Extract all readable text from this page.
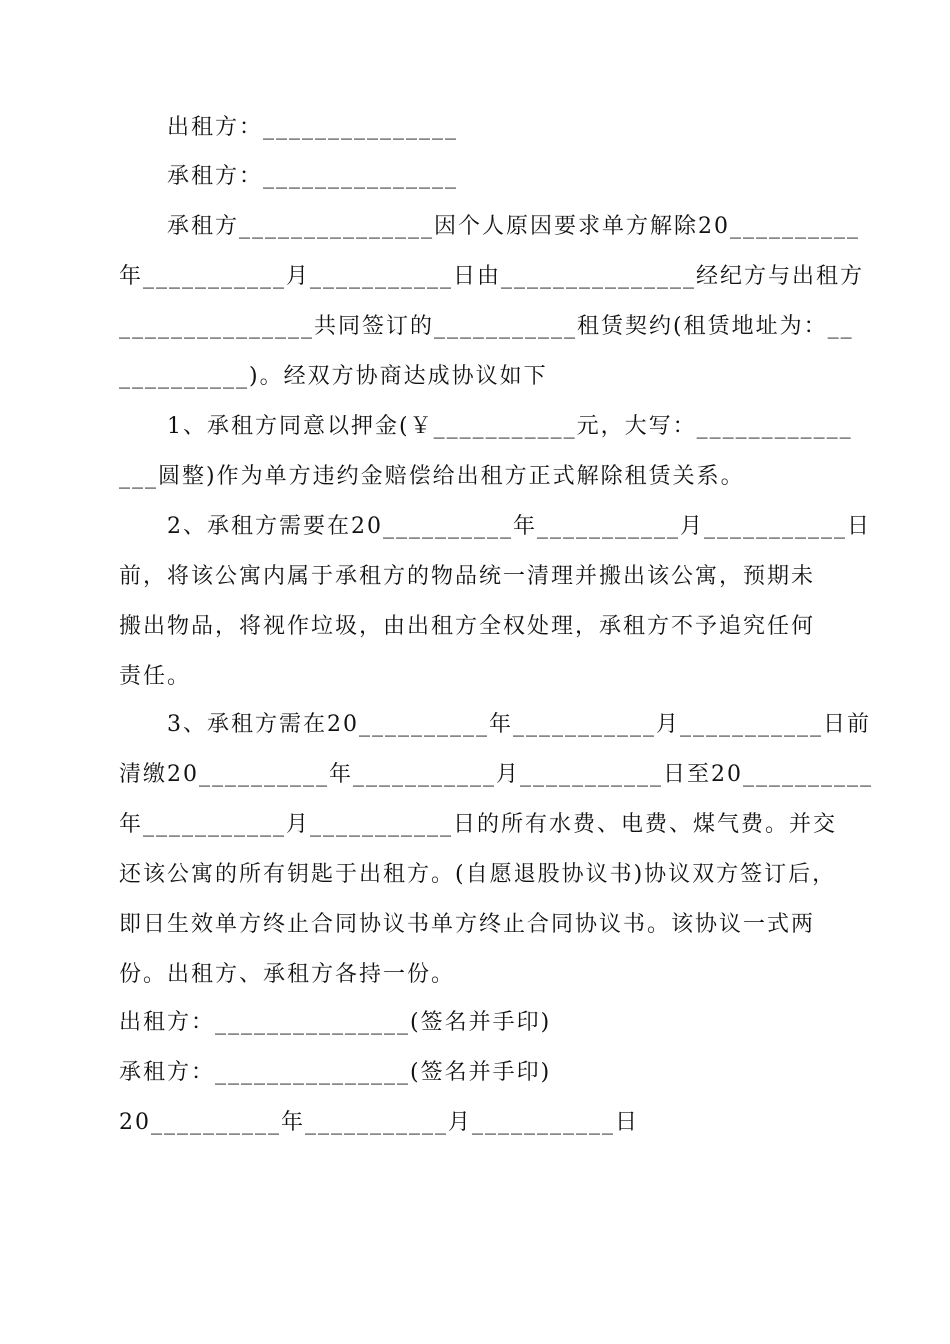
出租方：_______________
承租方：_______________
承租方_______________因个人原因要求单方解除20__________
年___________月___________日由_______________经纪方与出租方
_______________共同签订的___________租赁契约(租赁地址为：__
__________)。经双方协商达成协议如下
1、承租方同意以押金(￥___________元，大写：____________
___圆整)作为单方违约金赔偿给出租方正式解除租赁关系。
2、承租方需要在20__________年___________月___________日
前，将该公寓内属于承租方的物品统一清理并搬出该公寓，预期未
搬出物品，将视作垃圾，由出租方全权处理，承租方不予追究任何
责任。
3、承租方需在20__________年___________月___________日前
清缴20__________年___________月___________日至20__________
年___________月___________日的所有水费、电费、煤气费。并交
还该公寓的所有钥匙于出租方。(自愿退股协议书)协议双方签订后，
即日生效单方终止合同协议书单方终止合同协议书。该协议一式两
份。出租方、承租方各持一份。
出租方：_______________(签名并手印)
承租方：_______________(签名并手印)
20__________年___________月___________日
